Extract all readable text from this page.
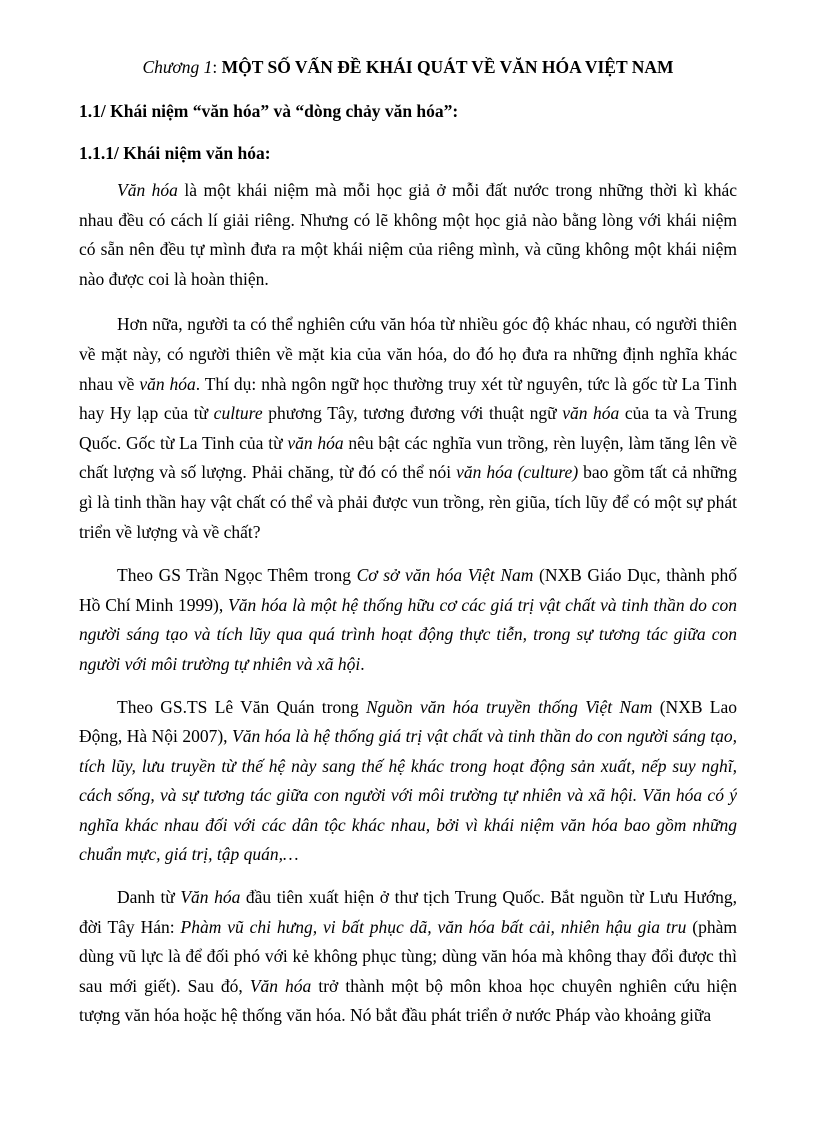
Chương 1: MỘT SỐ VẤN ĐỀ KHÁI QUÁT VỀ VĂN HÓA VIỆT NAM
1.1/ Khái niệm “văn hóa” và “dòng chảy văn hóa”:
1.1.1/ Khái niệm văn hóa:

Văn hóa là một khái niệm mà mỗi học giả ở mỗi đất nước trong những thời kì khác nhau đều có cách lí giải riêng. Nhưng có lẽ không một học giả nào bằng lòng với khái niệm có sẵn nên đều tự mình đưa ra một khái niệm của riêng mình, và cũng không một khái niệm nào được coi là hoàn thiện.

Hơn nữa, người ta có thể nghiên cứu văn hóa từ nhiều góc độ khác nhau, có người thiên về mặt này, có người thiên về mặt kia của văn hóa, do đó họ đưa ra những định nghĩa khác nhau về văn hóa. Thí dụ: nhà ngôn ngữ học thường truy xét từ nguyên, tức là gốc từ La Tinh hay Hy lạp của từ culture phương Tây, tương đương với thuật ngữ văn hóa của ta và Trung Quốc. Gốc từ La Tinh của từ văn hóa nêu bật các nghĩa vun trồng, rèn luyện, làm tăng lên về chất lượng và số lượng. Phải chăng, từ đó có thể nói văn hóa (culture) bao gồm tất cả những gì là tinh thần hay vật chất có thể và phải được vun trồng, rèn giũa, tích lũy để có một sự phát triển về lượng và về chất?

Theo GS Trần Ngọc Thêm trong Cơ sở văn hóa Việt Nam (NXB Giáo Dục, thành phố Hồ Chí Minh 1999), Văn hóa là một hệ thống hữu cơ các giá trị vật chất và tinh thần do con người sáng tạo và tích lũy qua quá trình hoạt động thực tiễn, trong sự tương tác giữa con người với môi trường tự nhiên và xã hội.

Theo GS.TS Lê Văn Quán trong Nguồn văn hóa truyền thống Việt Nam (NXB Lao Động, Hà Nội 2007), Văn hóa là hệ thống giá trị vật chất và tinh thần do con người sáng tạo, tích lũy, lưu truyền từ thế hệ này sang thế hệ khác trong hoạt động sản xuất, nếp suy nghĩ, cách sống, và sự tương tác giữa con người với môi trường tự nhiên và xã hội. Văn hóa có ý nghĩa khác nhau đối với các dân tộc khác nhau, bởi vì khái niệm văn hóa bao gồm những chuẩn mực, giá trị, tập quán,…

Danh từ Văn hóa đầu tiên xuất hiện ở thư tịch Trung Quốc. Bắt nguồn từ Lưu Hướng, đời Tây Hán: Phàm vũ chi hưng, vi bất phục dã, văn hóa bất cải, nhiên hậu gia tru (phàm dùng vũ lực là để đối phó với kẻ không phục tùng; dùng văn hóa mà không thay đổi được thì sau mới giết). Sau đó, Văn hóa trở thành một bộ môn khoa học chuyên nghiên cứu hiện tượng văn hóa hoặc hệ thống văn hóa. Nó bắt đầu phát triển ở nước Pháp vào khoảng giữa
